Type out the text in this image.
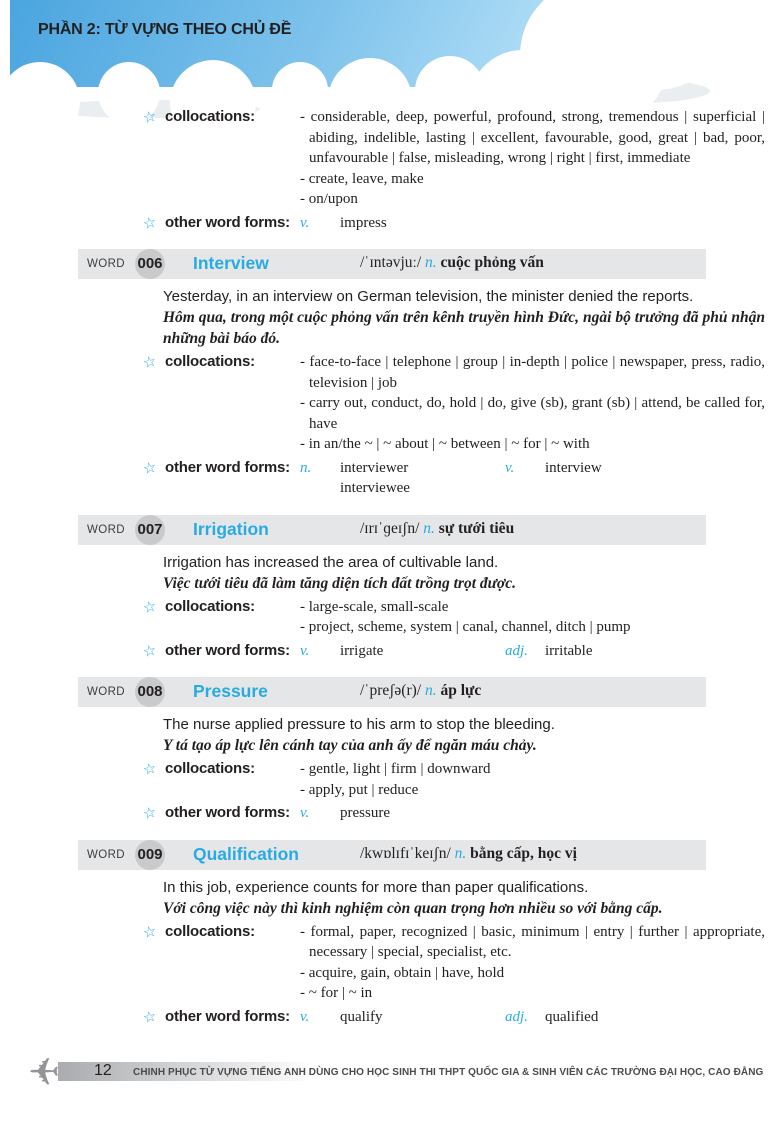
PHẦN 2: TỪ VỰNG THEO CHỦ ĐỀ
☆ collocations:	- considerable, deep, powerful, profound, strong, tremendous | superficial | abiding, indelible, lasting | excellent, favourable, good, great | bad, poor, unfavourable | false, misleading, wrong | right | first, immediate
- create, leave, make
- on/upon
☆ other word forms: v.	impress
WORD 006 Interview	/ˈɪntəvjuː/ n. cuộc phỏng vấn
Yesterday, in an interview on German television, the minister denied the reports.
Hôm qua, trong một cuộc phỏng vấn trên kênh truyền hình Đức, ngài bộ trưởng đã phủ nhận những bài báo đó.
☆ collocations:	- face-to-face | telephone | group | in-depth | police | newspaper, press, radio, television | job
- carry out, conduct, do, hold | do, give (sb), grant (sb) | attend, be called for, have
- in an/the ~ | ~ about | ~ between | ~ for | ~ with
☆ other word forms: n.	interviewer
interviewee
v.	interview
WORD 007 Irrigation	/ɪrɪˈɡeɪʃn/ n. sự tưới tiêu
Irrigation has increased the area of cultivable land.
Việc tưới tiêu đã làm tăng diện tích đất trồng trọt được.
☆ collocations:	- large-scale, small-scale
- project, scheme, system | canal, channel, ditch | pump
☆ other word forms: v.	irrigate	adj.	irritable
WORD 008 Pressure	/ˈpreʃə(r)/ n. áp lực
The nurse applied pressure to his arm to stop the bleeding.
Y tá tạo áp lực lên cánh tay của anh ấy để ngăn máu chảy.
☆ collocations:	- gentle, light | firm | downward
- apply, put | reduce
☆ other word forms: v.	pressure
WORD 009 Qualification	/kwɒlɪfɪˈkeɪʃn/ n. bằng cấp, học vị
In this job, experience counts for more than paper qualifications.
Với công việc này thì kinh nghiệm còn quan trọng hơn nhiều so với bằng cấp.
☆ collocations:	- formal, paper, recognized | basic, minimum | entry | further | appropriate, necessary | special, specialist, etc.
- acquire, gain, obtain | have, hold
- ~ for | ~ in
☆ other word forms: v.	qualify	adj.	qualified
✈ 12 CHINH PHỤC TỪ VỰNG TIẾNG ANH DÙNG CHO HỌC SINH THI THPT QUỐC GIA & SINH VIÊN CÁC TRƯỜNG ĐẠI HỌC, CAO ĐẲNG
